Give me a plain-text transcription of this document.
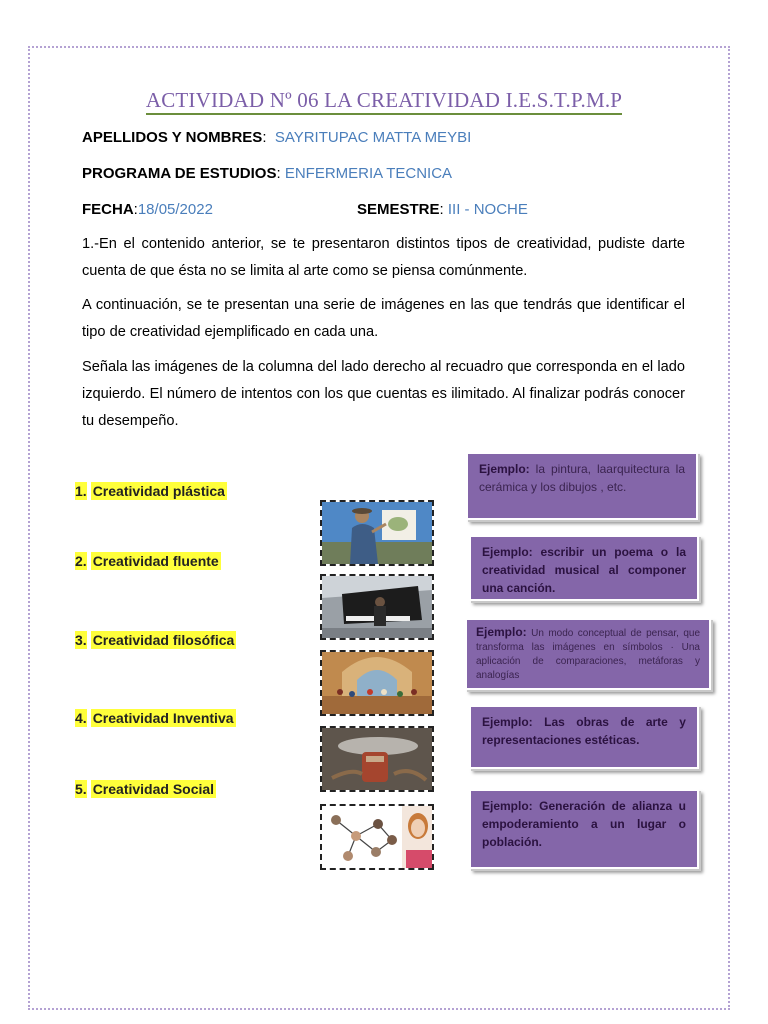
ACTIVIDAD Nº 06 LA CREATIVIDAD I.E.S.T.P.M.P
APELLIDOS Y NOMBRES:  SAYRITUPAC MATTA MEYBI
PROGRAMA DE ESTUDIOS: ENFERMERIA TECNICA
FECHA:18/05/2022	SEMESTRE: III - NOCHE
1.-En el contenido anterior, se te presentaron distintos tipos de creatividad, pudiste darte cuenta de que ésta no se limita al arte como se piensa comúnmente.
A continuación, se te presentan una serie de imágenes en las que tendrás que identificar el tipo de creatividad ejemplificado en cada una.
Señala las imágenes de la columna del lado derecho al recuadro que corresponda en el lado izquierdo. El número de intentos con los que cuentas es ilimitado. Al finalizar podrás conocer tu desempeño.
1. Creatividad plástica
2. Creatividad fluente
3. Creatividad filosófica
4. Creatividad Inventiva
5. Creatividad Social
Ejemplo: la pintura, laarquitectura la cerámica y los dibujos , etc.
Ejemplo: escribir un poema o la creatividad musical al componer una canción.
Ejemplo: Un modo conceptual de pensar, que transforma las imágenes en símbolos · Una aplicación de comparaciones, metáforas y analogías
Ejemplo: Las obras de arte y representaciones estéticas.
Ejemplo: Generación de alianza u empoderamiento a un lugar o población.
